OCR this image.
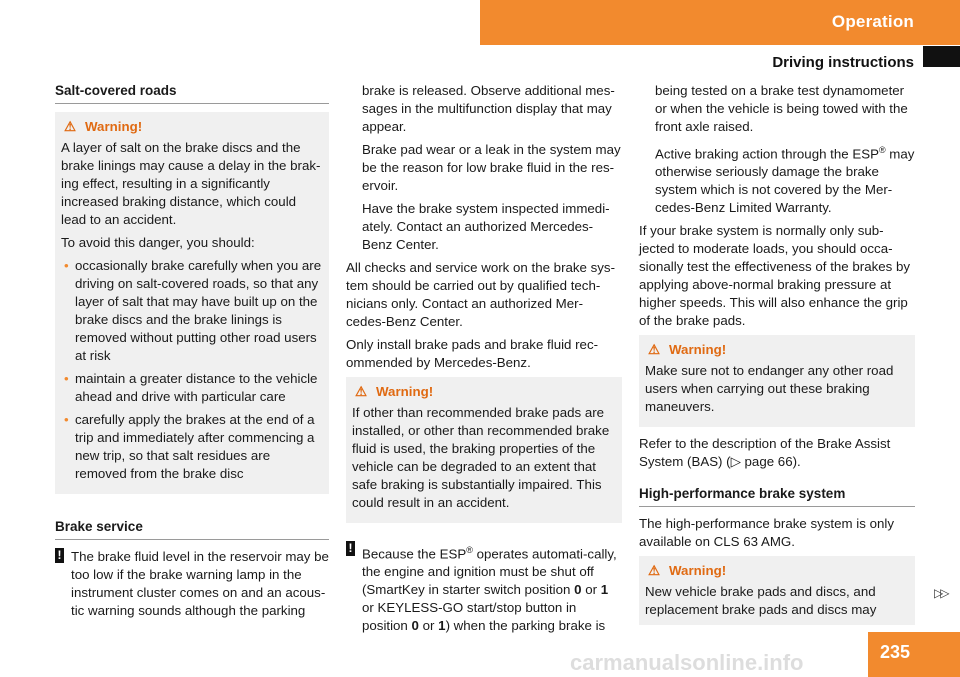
Operation
Driving instructions
Salt-covered roads
⚠ Warning!

A layer of salt on the brake discs and the brake linings may cause a delay in the brak-ing effect, resulting in a significantly increased braking distance, which could lead to an accident.

To avoid this danger, you should:

• occasionally brake carefully when you are driving on salt-covered roads, so that any layer of salt that may have built up on the brake discs and the brake linings is removed without putting other road users at risk
• maintain a greater distance to the vehicle ahead and drive with particular care
• carefully apply the brakes at the end of a trip and immediately after commencing a new trip, so that salt residues are removed from the brake disc
Brake service
! The brake fluid level in the reservoir may be too low if the brake warning lamp in the instrument cluster comes on and an acous-tic warning sounds although the parking

brake is released. Observe additional mes-sages in the multifunction display that may appear.

Brake pad wear or a leak in the system may be the reason for low brake fluid in the res-ervoir.

Have the brake system inspected immedi-ately. Contact an authorized Mercedes-Benz Center.

All checks and service work on the brake sys-tem should be carried out by qualified tech-nicians only. Contact an authorized Mer-cedes-Benz Center.

Only install brake pads and brake fluid rec-ommended by Mercedes-Benz.

⚠ Warning!

If other than recommended brake pads are installed, or other than recommended brake fluid is used, the braking properties of the vehicle can be degraded to an extent that safe braking is substantially impaired. This could result in an accident.

! Because the ESP® operates automati-cally, the engine and ignition must be shut off (SmartKey in starter switch position 0 or 1 or KEYLESS-GO start/stop button in position 0 or 1) when the parking brake is

being tested on a brake test dynamometer or when the vehicle is being towed with the front axle raised.

Active braking action through the ESP® may otherwise seriously damage the brake system which is not covered by the Mer-cedes-Benz Limited Warranty.

If your brake system is normally only sub-jected to moderate loads, you should occa-sionally test the effectiveness of the brakes by applying above-normal braking pressure at higher speeds. This will also enhance the grip of the brake pads.

⚠ Warning!

Make sure not to endanger any other road users when carrying out these braking maneuvers.

Refer to the description of the Brake Assist System (BAS) (▷ page 66).

High-performance brake system

The high-performance brake system is only available on CLS 63 AMG.

⚠ Warning!

New vehicle brake pads and discs, and replacement brake pads and discs may

▷▷
235
carmanualsonline.info
